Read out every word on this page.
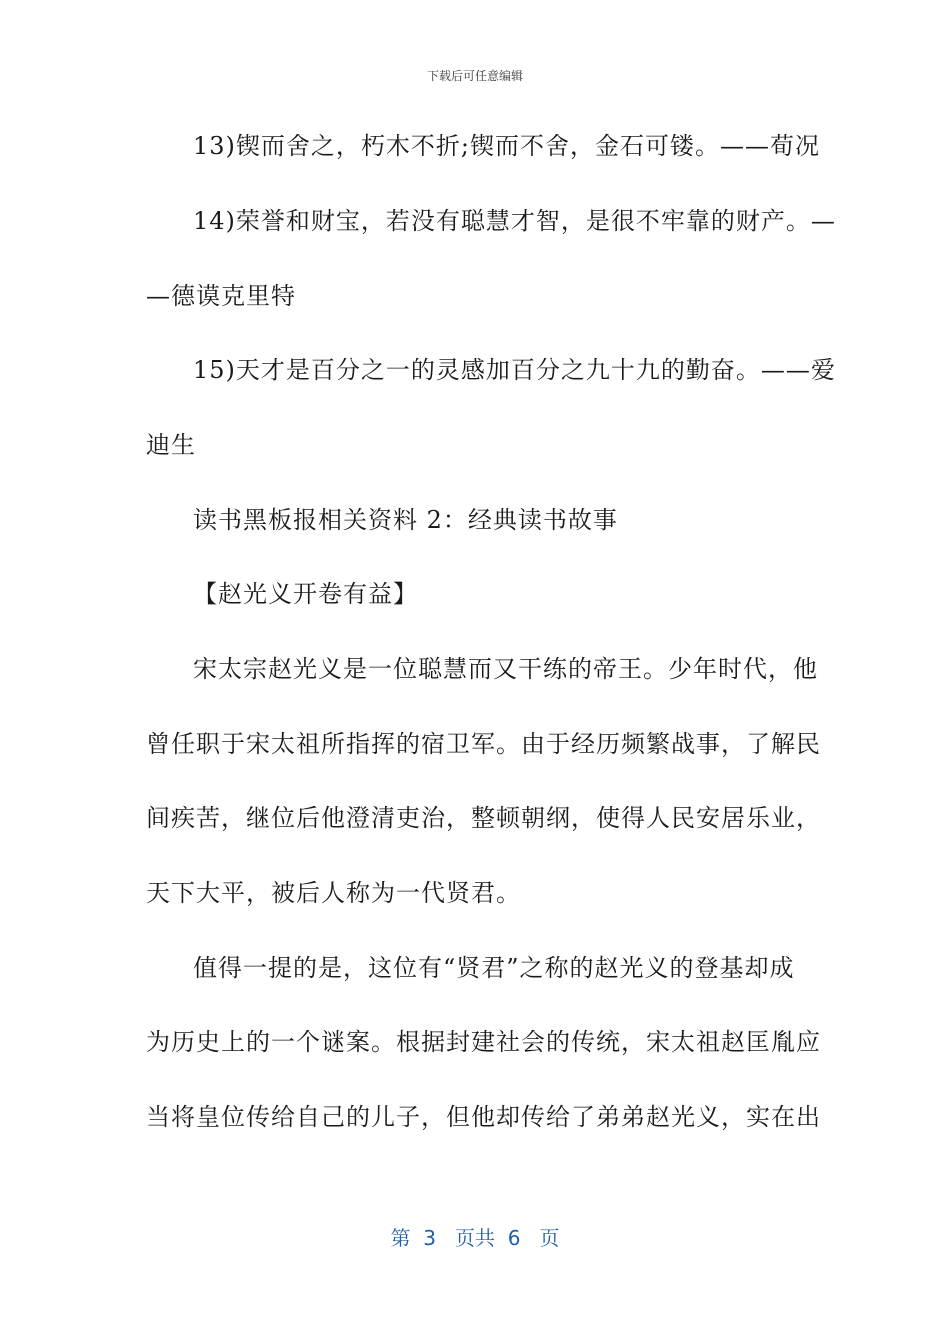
下载后可任意编辑
13)锲而舍之，朽木不折;锲而不舍，金石可镂。——荀况
14)荣誉和财宝，若没有聪慧才智，是很不牢靠的财产。—
—德谟克里特
15)天才是百分之一的灵感加百分之九十九的勤奋。——爱
迪生
读书黑板报相关资料 2：经典读书故事
【赵光义开卷有益】
宋太宗赵光义是一位聪慧而又干练的帝王。少年时代，他
曾任职于宋太祖所指挥的宿卫军。由于经历频繁战事，了解民
间疾苦，继位后他澄清吏治，整顿朝纲，使得人民安居乐业，
天下大平，被后人称为一代贤君。
值得一提的是，这位有“贤君”之称的赵光义的登基却成
为历史上的一个谜案。根据封建社会的传统，宋太祖赵匡胤应
当将皇位传给自己的儿子，但他却传给了弟弟赵光义，实在出
第  3   页共  6   页
